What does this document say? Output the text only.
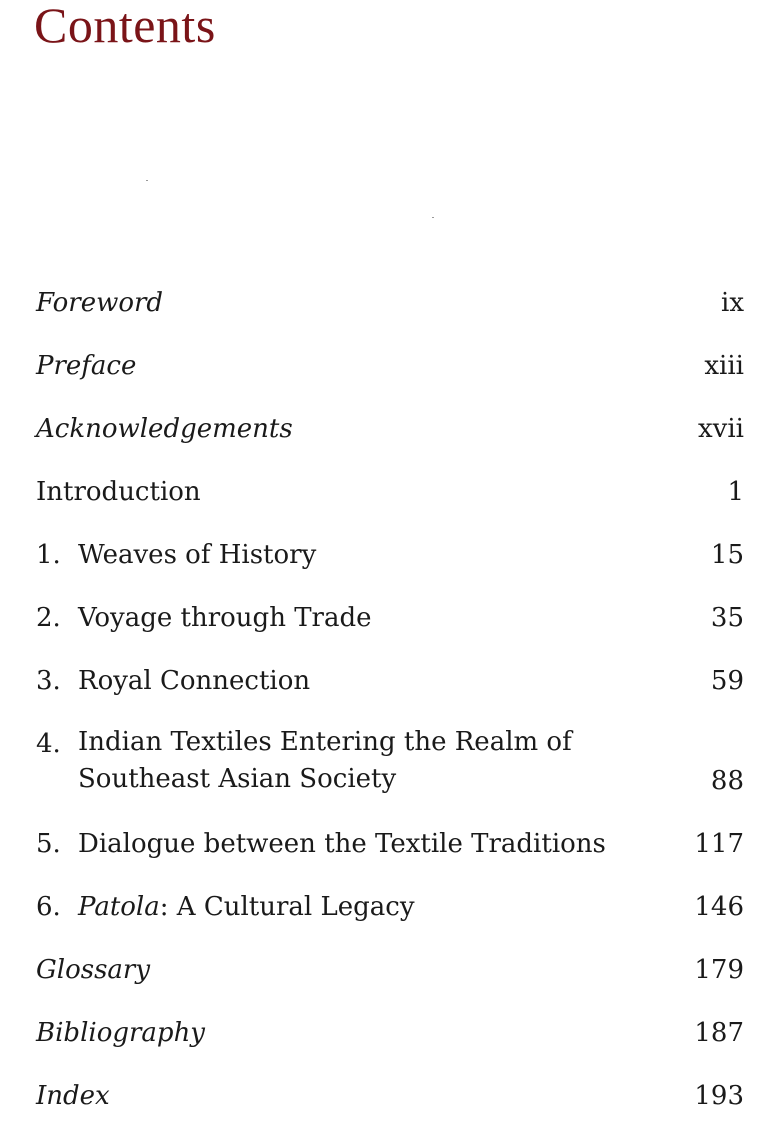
Contents
Foreword	ix
Preface	xiii
Acknowledgements	xvii
Introduction	1
1. Weaves of History	15
2. Voyage through Trade	35
3. Royal Connection	59
4. Indian Textiles Entering the Realm of
Southeast Asian Society	88
5. Dialogue between the Textile Traditions	117
6. Patola: A Cultural Legacy	146
Glossary	179
Bibliography	187
Index	193
